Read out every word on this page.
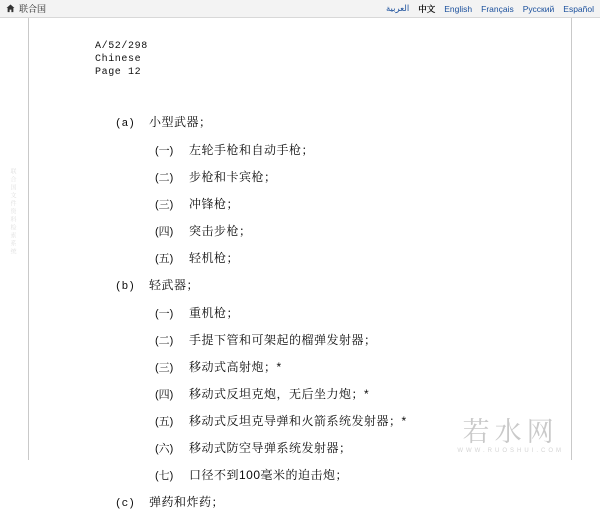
联合国	العربية 中文 English Français Русский Español
联合国文件资料检索系统
A/52/298
Chinese
Page 12
(a)	小型武器；
(一)	左轮手枪和自动手枪；
(二)	步枪和卡宾枪；
(三)	冲锋枪；
(四)	突击步枪；
(五)	轻机枪；
(b)	轻武器；
(一)	重机枪；
(二)	手提下管和可架起的榴弹发射器；
(三)	移动式高射炮；*
(四)	移动式反坦克炮，无后坐力炮；*
(五)	移动式反坦克导弹和火箭系统发射器；*
(六)	移动式防空导弹系统发射器；
(七)	口径不到100毫米的迫击炮；
(c)	弹药和炸药；
若水网
WWW.RUOSHUI.COM
